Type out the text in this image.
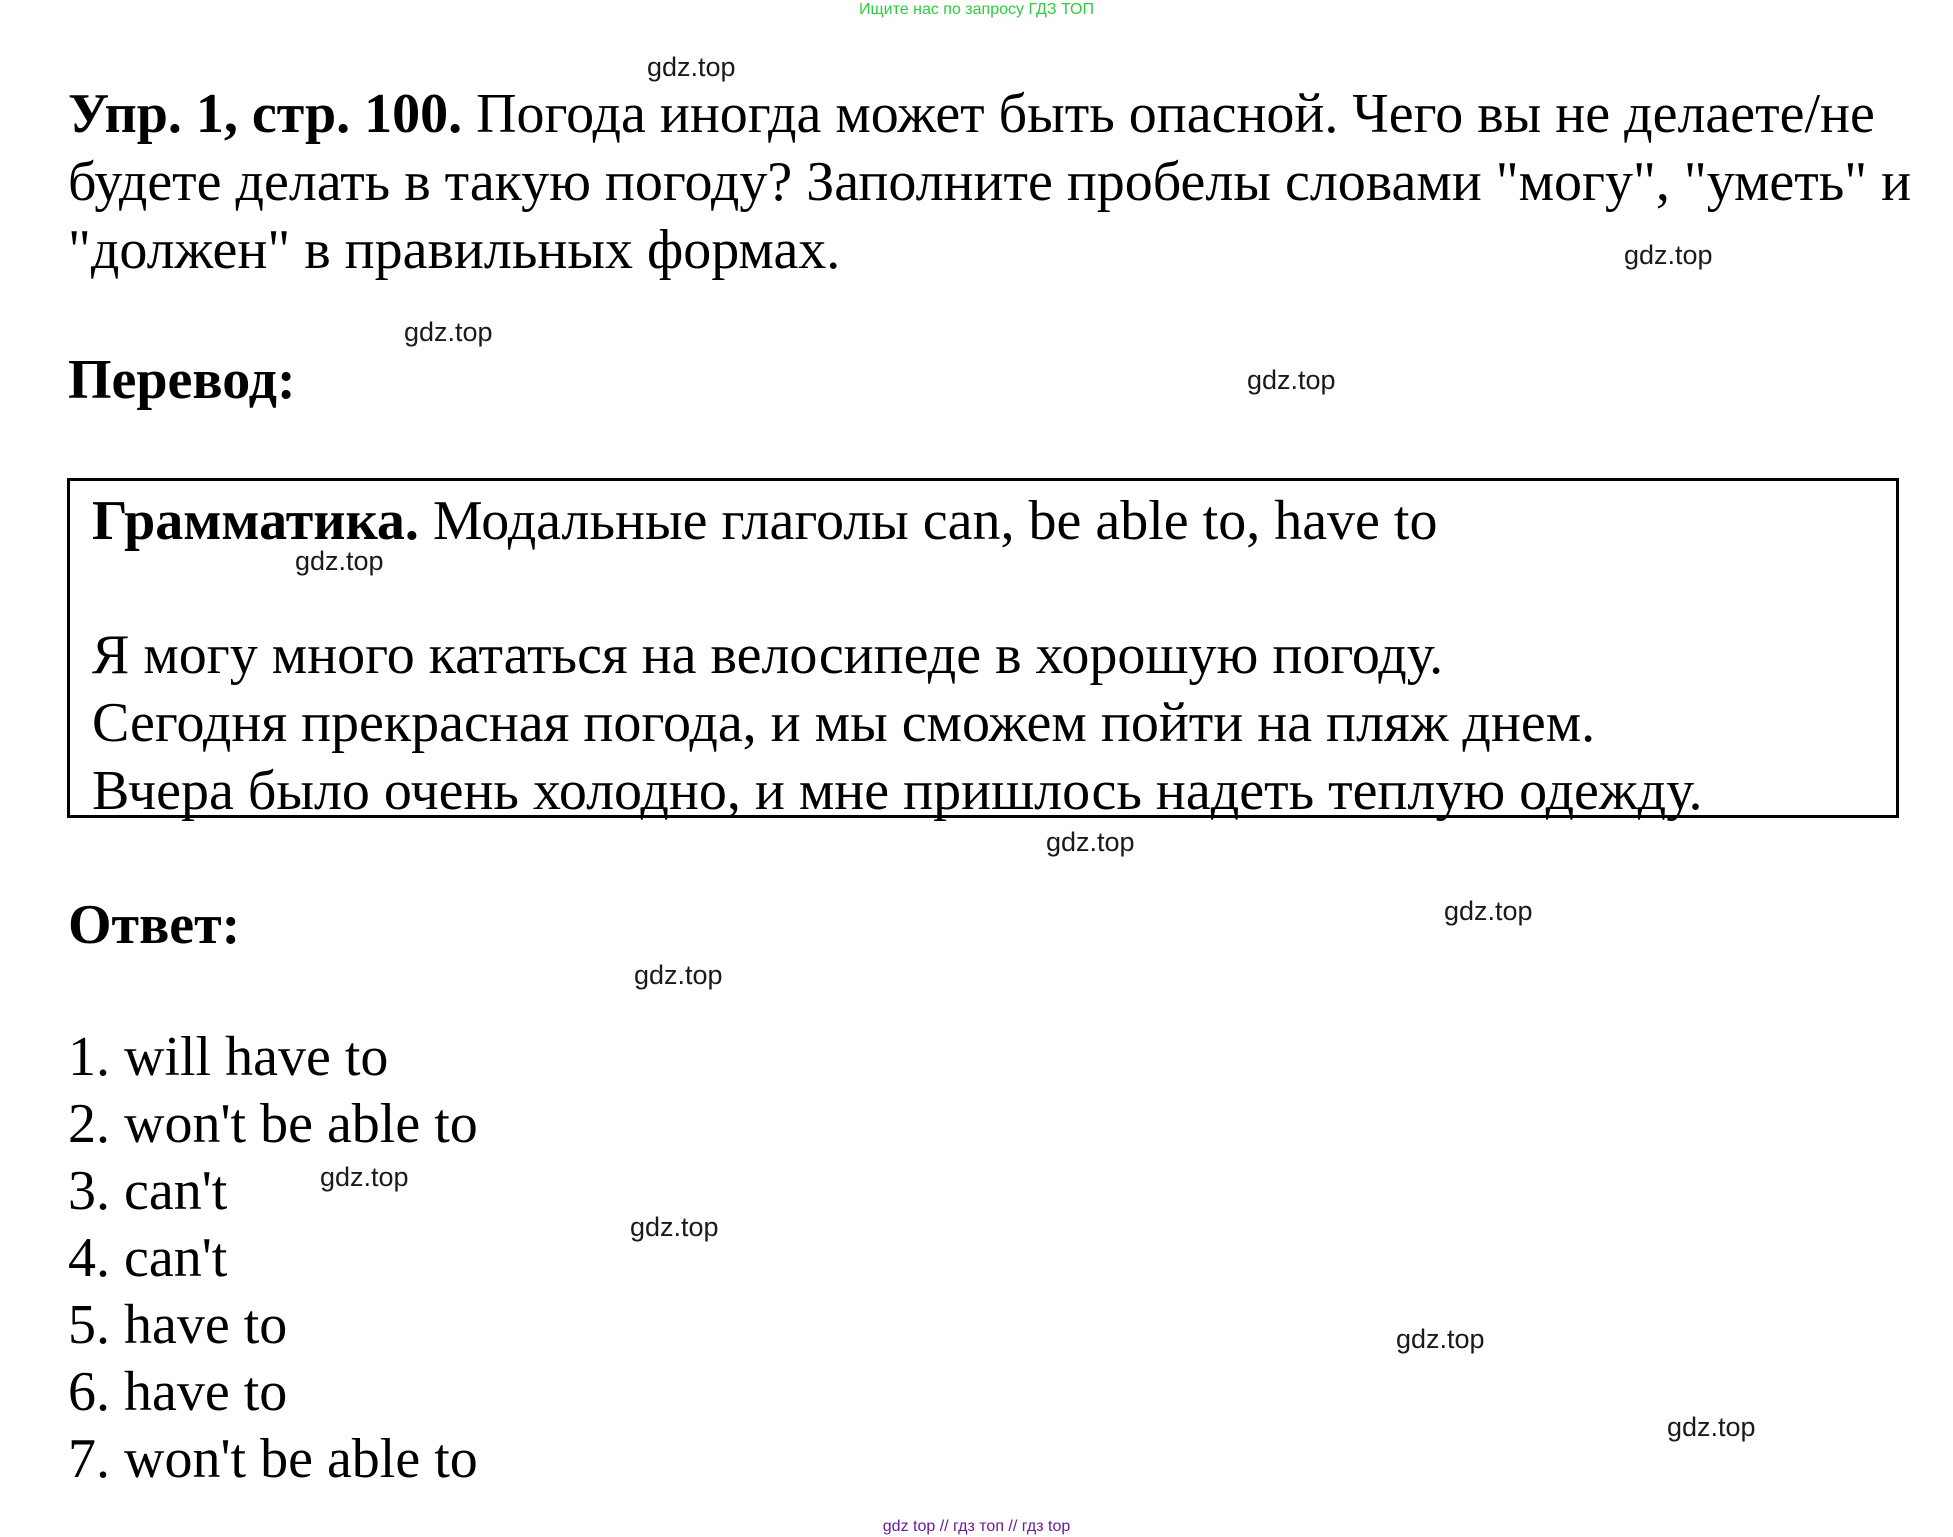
Ищите нас по запросу ГДЗ ТОП
Упр. 1, стр. 100. Погода иногда может быть опасной. Чего вы не делаете/не будете делать в такую погоду? Заполните пробелы словами "могу", "уметь" и "должен" в правильных формах.
Перевод:
Грамматика. Модальные глаголы can, be able to, have to
Я могу много кататься на велосипеде в хорошую погоду.
Сегодня прекрасная погода, и мы сможем пойти на пляж днем.
Вчера было очень холодно, и мне пришлось надеть теплую одежду.
Ответ:
1. will have to
2. won't be able to
3. can't
4. can't
5. have to
6. have to
7. won't be able to
gdz.top
gdz.top
gdz.top
gdz.top
gdz.top
gdz.top
gdz.top
gdz.top
gdz.top
gdz.top
gdz.top
gdz.top
gdz top // гдз топ // гдз top
